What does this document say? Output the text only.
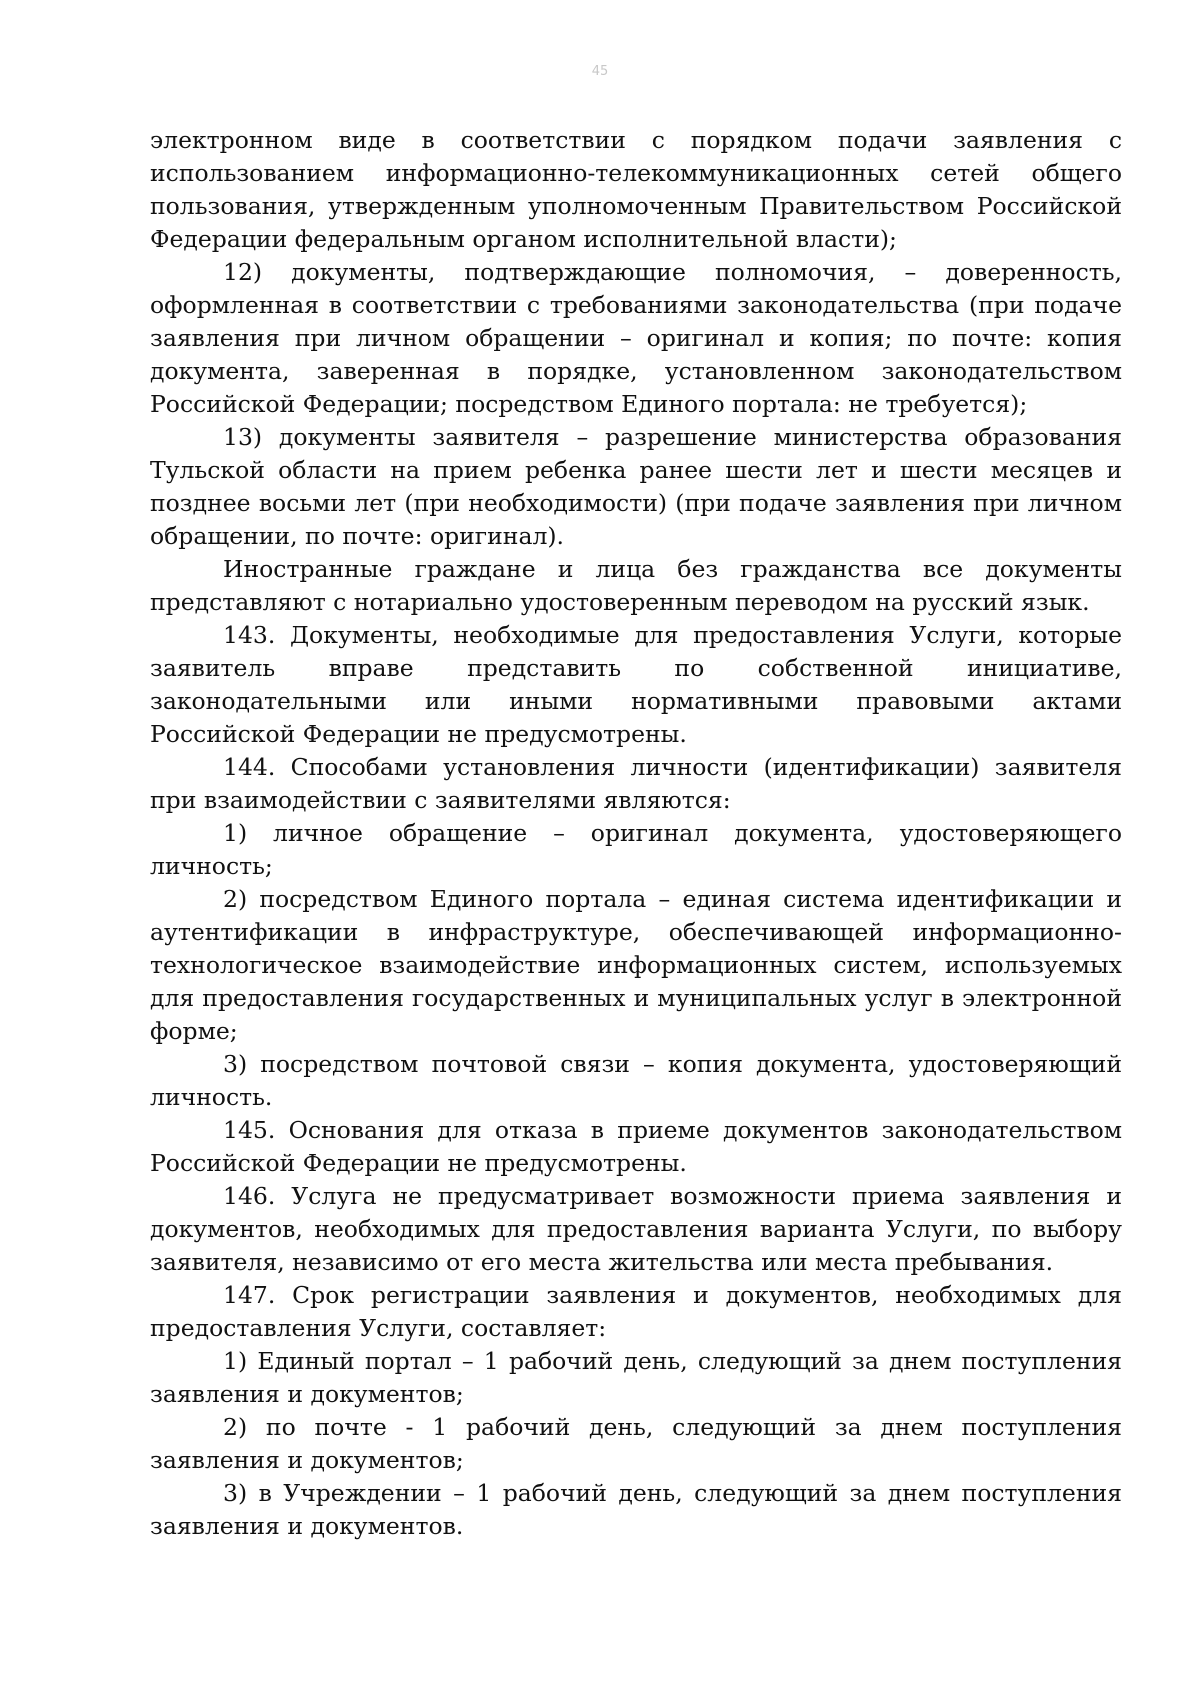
45

электронном виде в соответствии с порядком подачи заявления с использованием информационно-телекоммуникационных сетей общего пользования, утвержденным уполномоченным Правительством Российской Федерации федеральным органом исполнительной власти);

12) документы, подтверждающие полномочия, – доверенность, оформленная в соответствии с требованиями законодательства (при подаче заявления при личном обращении – оригинал и копия; по почте: копия документа, заверенная в порядке, установленном законодательством Российской Федерации; посредством Единого портала: не требуется);

13) документы заявителя – разрешение министерства образования Тульской области на прием ребенка ранее шести лет и шести месяцев и позднее восьми лет (при необходимости) (при подаче заявления при личном обращении, по почте: оригинал).

Иностранные граждане и лица без гражданства все документы представляют с нотариально удостоверенным переводом на русский язык.

143. Документы, необходимые для предоставления Услуги, которые заявитель вправе представить по собственной инициативе, законодательными или иными нормативными правовыми актами Российской Федерации не предусмотрены.

144. Способами установления личности (идентификации) заявителя при взаимодействии с заявителями являются:

1) личное обращение – оригинал документа, удостоверяющего личность;

2) посредством Единого портала – единая система идентификации и аутентификации в инфраструктуре, обеспечивающей информационно-технологическое взаимодействие информационных систем, используемых для предоставления государственных и муниципальных услуг в электронной форме;

3) посредством почтовой связи – копия документа, удостоверяющий личность.

145. Основания для отказа в приеме документов законодательством Российской Федерации не предусмотрены.

146. Услуга не предусматривает возможности приема заявления и документов, необходимых для предоставления варианта Услуги, по выбору заявителя, независимо от его места жительства или места пребывания.

147. Срок регистрации заявления и документов, необходимых для предоставления Услуги, составляет:

1) Единый портал – 1 рабочий день, следующий за днем поступления заявления и документов;

2) по почте - 1 рабочий день, следующий за днем поступления заявления и документов;

3) в Учреждении – 1 рабочий день, следующий за днем поступления заявления и документов.
